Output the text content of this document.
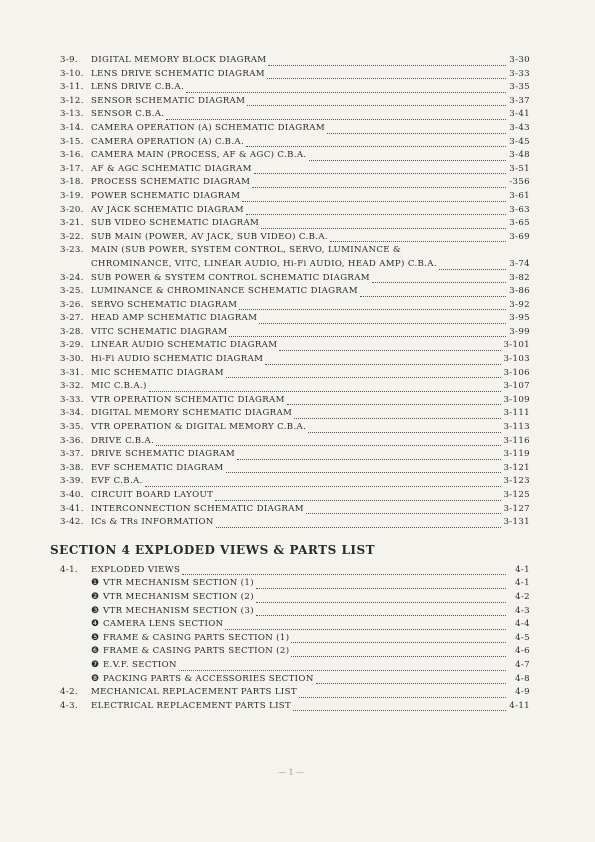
3-9.	DIGITAL MEMORY BLOCK DIAGRAM	3-30
3-10. LENS DRIVE SCHEMATIC DIAGRAM	3-33
3-11. LENS DRIVE C.B.A.	3-35
3-12. SENSOR SCHEMATIC DIAGRAM	3-37
3-13. SENSOR C.B.A.	3-41
3-14. CAMERA OPERATION (A) SCHEMATIC DIAGRAM	3-43
3-15. CAMERA OPERATION (A) C.B.A.	3-45
3-16. CAMERA MAIN (PROCESS, AF & AGC) C.B.A.	3-48
3-17. AF & AGC SCHEMATIC DIAGRAM	3-51
3-18. PROCESS SCHEMATIC DIAGRAM	-356
3-19. POWER SCHEMATIC DIAGRAM	3-61
3-20. AV JACK SCHEMATIC DIAGRAM	3-63
3-21. SUB VIDEO SCHEMATIC DIAGRAM	3-65
3-22. SUB MAIN (POWER, AV JACK, SUB VIDEO) C.B.A.	3-69
3-23. MAIN (SUB POWER, SYSTEM CONTROL, SERVO, LUMINANCE &
CHROMINANCE, VITC, LINEAR AUDIO, Hi-Fi AUDIO, HEAD AMP) C.B.A.	3-74
3-24. SUB POWER & SYSTEM CONTROL SCHEMATIC DIAGRAM	3-82
3-25. LUMINANCE & CHROMINANCE SCHEMATIC DIAGRAM	3-86
3-26. SERVO SCHEMATIC DIAGRAM	3-92
3-27. HEAD AMP SCHEMATIC DIAGRAM	3-95
3-28. VITC SCHEMATIC DIAGRAM	3-99
3-29. LINEAR AUDIO SCHEMATIC DIAGRAM	3-101
3-30. Hi-Fi AUDIO SCHEMATIC DIAGRAM	3-103
3-31. MIC SCHEMATIC DIAGRAM	3-106
3-32. MIC C.B.A.)	3-107
3-33. VTR OPERATION SCHEMATIC DIAGRAM	3-109
3-34. DIGITAL MEMORY SCHEMATIC DIAGRAM	3-111
3-35. VTR OPERATION & DIGITAL MEMORY C.B.A.	3-113
3-36. DRIVE C.B.A.	3-116
3-37. DRIVE SCHEMATIC DIAGRAM	3-119
3-38. EVF SCHEMATIC DIAGRAM	3-121
3-39. EVF C.B.A.	3-123
3-40. CIRCUIT BOARD LAYOUT	3-125
3-41. INTERCONNECTION SCHEMATIC DIAGRAM	3-127
3-42. ICs & TRs INFORMATION	3-131
SECTION 4 EXPLODED VIEWS & PARTS LIST
4-1.	EXPLODED VIEWS	4-1
❶ VTR MECHANISM SECTION (1)	4-1
❷ VTR MECHANISM SECTION (2)	4-2
❸ VTR MECHANISM SECTION (3)	4-3
❹ CAMERA LENS SECTION	4-4
❺ FRAME & CASING PARTS SECTION (1)	4-5
❻ FRAME & CASING PARTS SECTION (2)	4-6
❼ E.V.F. SECTION	4-7
❽ PACKING PARTS & ACCESSORIES SECTION	4-8
4-2.	MECHANICAL REPLACEMENT PARTS LIST	4-9
4-3.	ELECTRICAL REPLACEMENT PARTS LIST	4-11
— 1 —
